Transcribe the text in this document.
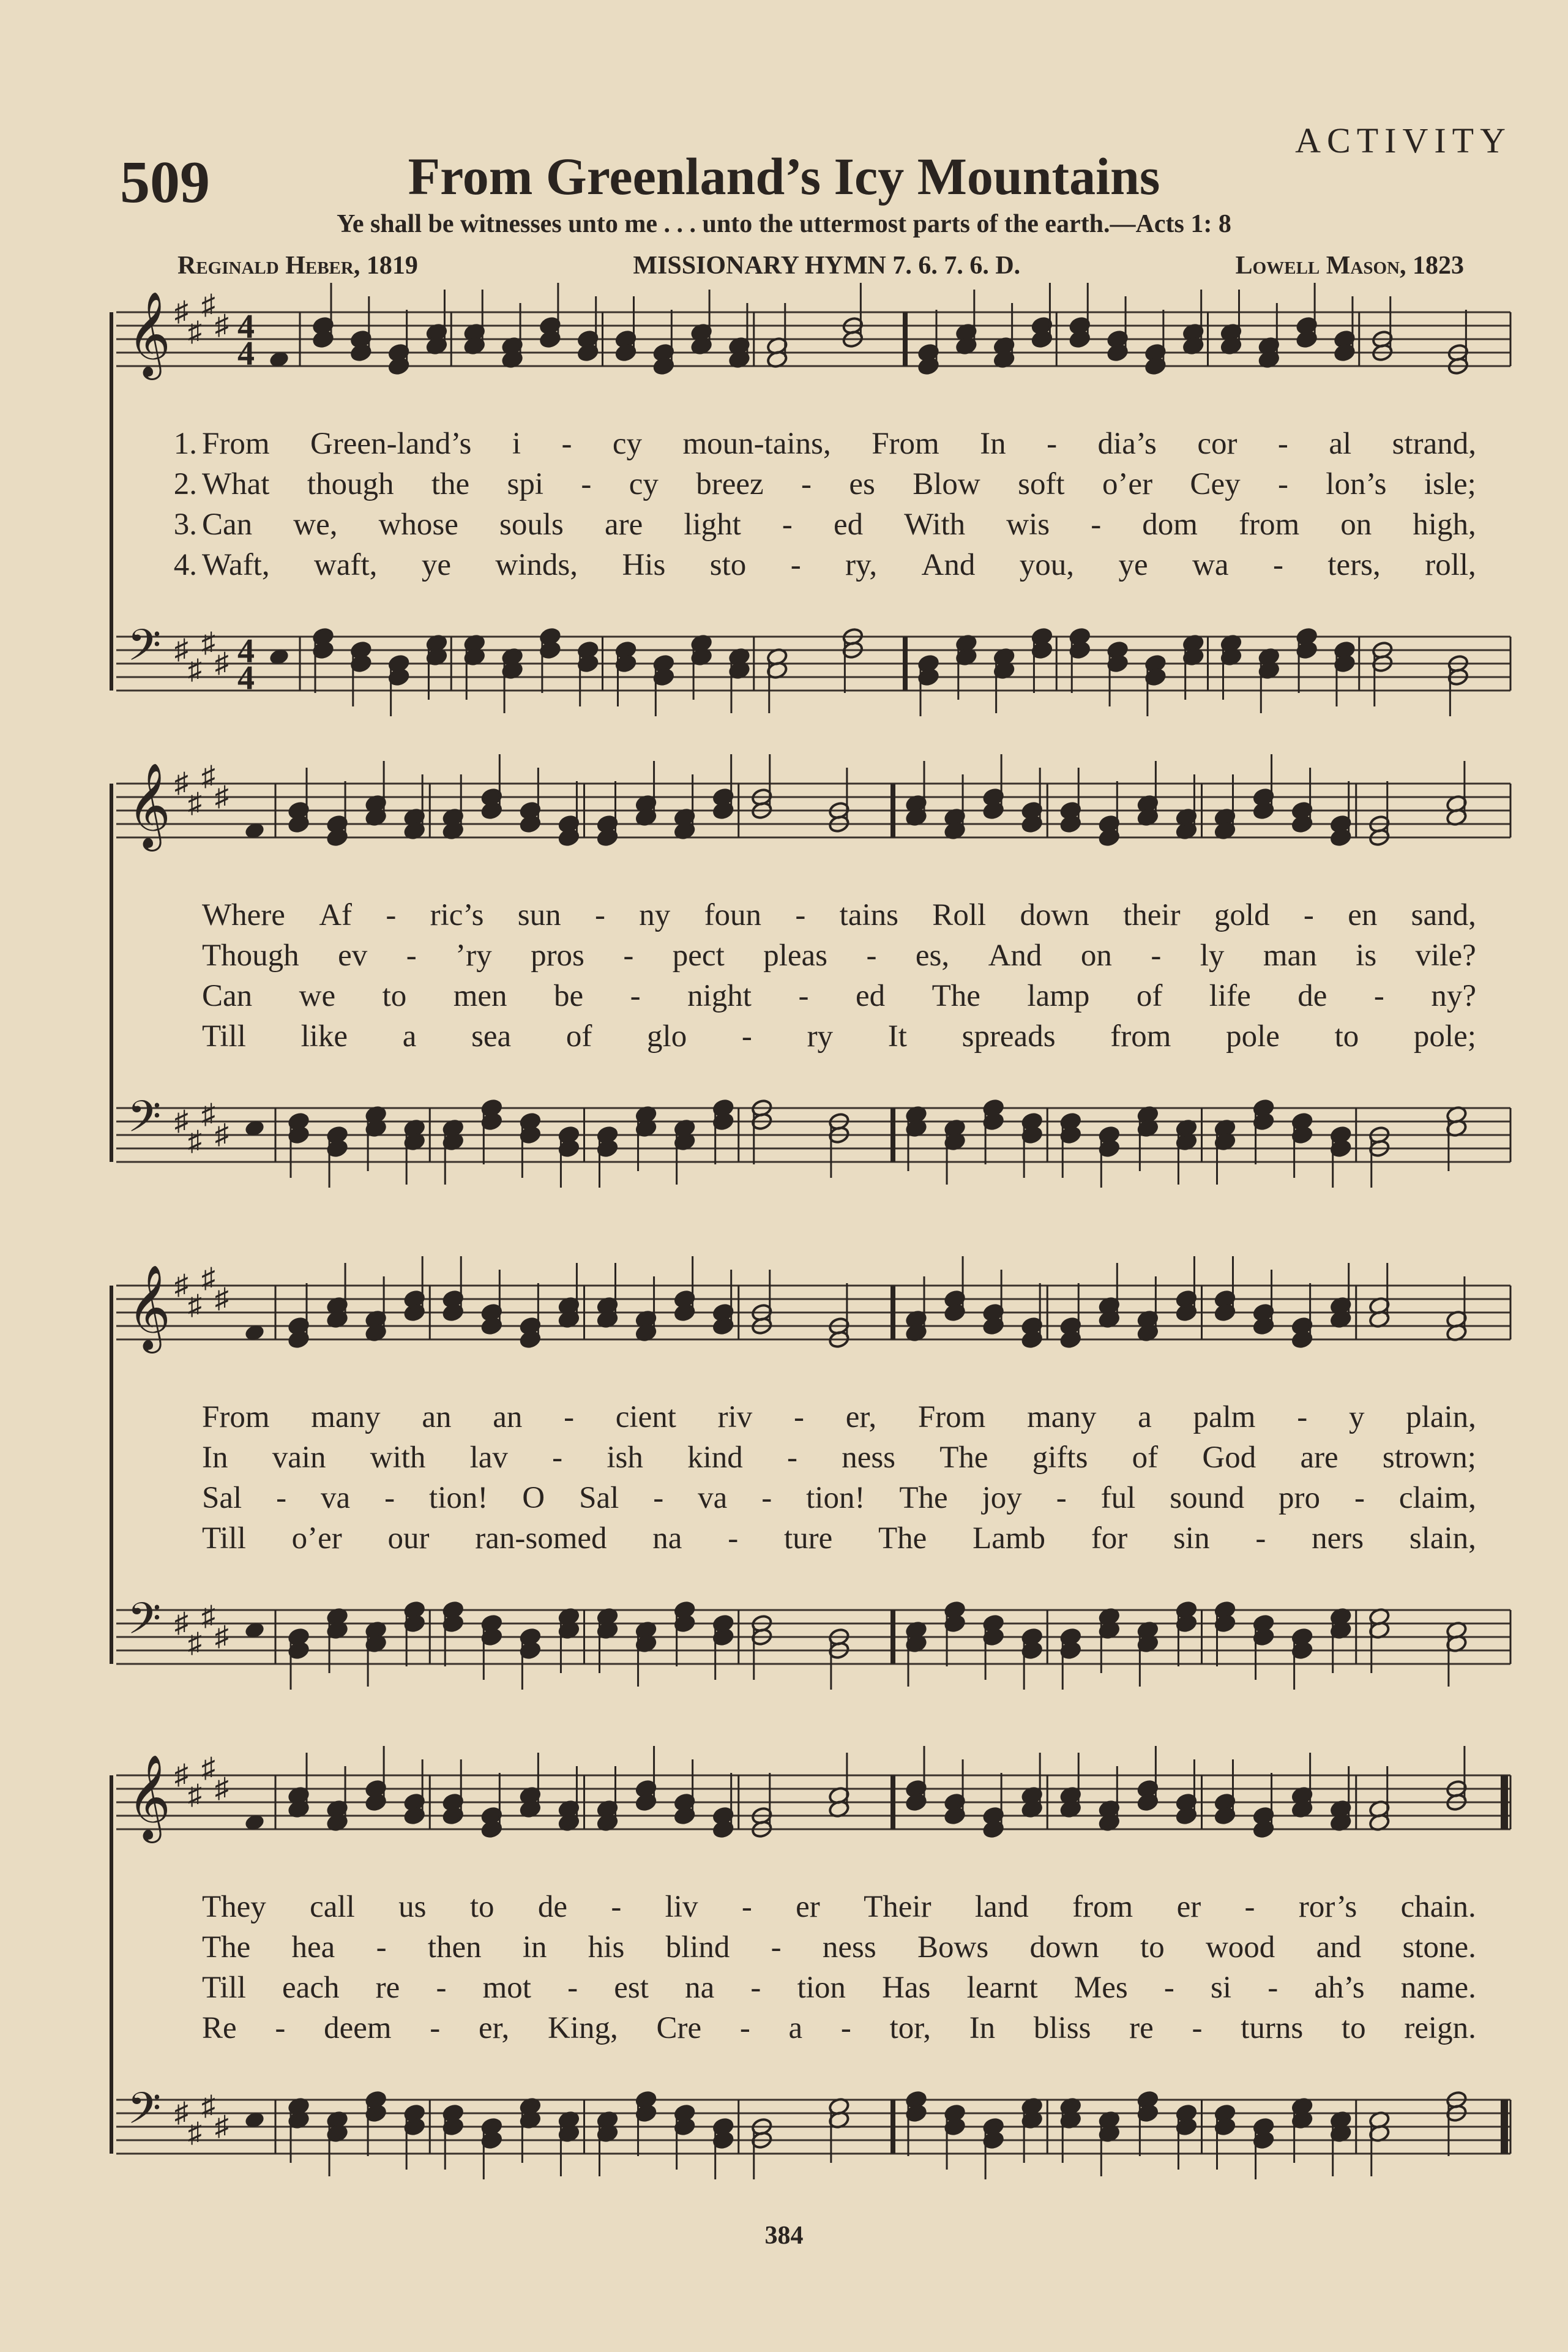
ACTIVITY
509	From Greenland’s Icy Mountains
Ye shall be witnesses unto me . . . unto the uttermost parts of the earth.—Acts 1: 8
Reginald Heber, 1819	MISSIONARY HYMN 7. 6. 7. 6. D.	Lowell Mason, 1823
𝄞 ♯
♯
♯
♯ 4
4
𝄢 ♯
♯
♯
♯ 4
4
1. From Green-land’s i - cy moun-tains, From In - dia’s cor - al strand,
2. What though the spi - cy breez - es Blow soft o’er Cey - lon’s isle;
3. Can we, whose souls are light - ed With wis - dom from on high,
4. Waft, waft, ye winds, His sto - ry, And you, ye wa - ters, roll,
𝄞 ♯
♯
♯
♯
𝄢 ♯
♯
♯
♯
Where Af - ric’s sun - ny foun - tains Roll down their gold - en sand,
Though ev - ’ry pros - pect pleas - es, And on - ly man is vile?
Can we to men be - night - ed The lamp of life de - ny?
Till like a sea of glo - ry It spreads from pole to pole;
𝄞 ♯
♯
♯
♯
𝄢 ♯
♯
♯
♯
From many an an - cient riv - er, From many a palm - y plain,
In vain with lav - ish kind - ness The gifts of God are strown;
Sal - va - tion! O Sal - va - tion! The joy - ful sound pro - claim,
Till o’er our ran-somed na - ture The Lamb for sin - ners slain,
𝄞 ♯
♯
♯
♯
𝄢 ♯
♯
♯
♯
They call us to de - liv - er Their land from er - ror’s chain.
The hea - then in his blind - ness Bows down to wood and stone.
Till each re - mot - est na - tion Has learnt Mes - si - ah’s name.
Re - deem - er, King, Cre - a - tor, In bliss re - turns to reign.
384
